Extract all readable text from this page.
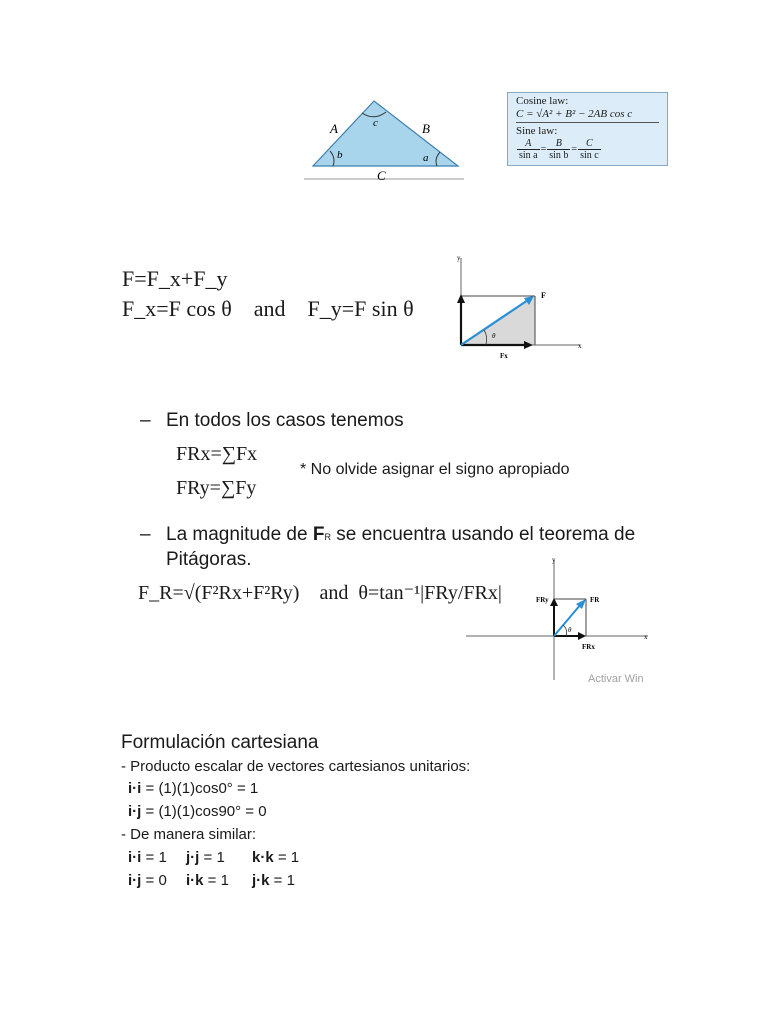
A	B
C
c
b	a
Cosine law:
C = √A² + B² − 2AB cos c
Sine law:
$\frac{A}{\text{sin a}} = \frac{B}{\text{sin b}} = \frac{C}{\text{sin c}}$
F=F_x+F_y
F_x=F cos θ and F_y=F sin θ
y
F
θ
x
Fx
– En todos los casos tenemos
FRx=∑Fx
FRy=∑Fy
* No olvide asignar el signo apropiado
– La magnitude de FR se encuentra usando el teorema de
Pitágoras.
F_R=√(F²Rx+F²Ry) and θ=tan⁻¹|FRy/FRx|
y
FRy	FR
θ
x
FRx
Activar Win
Formulación cartesiana
- Producto escalar de vectores cartesianos unitarios:
i·i = (1)(1)cos0° = 1
i·j = (1)(1)cos90° = 0
- De manera similar:
i·i = 1 j·j = 1 k·k = 1
i·j = 0 i·k = 1 j·k = 1
